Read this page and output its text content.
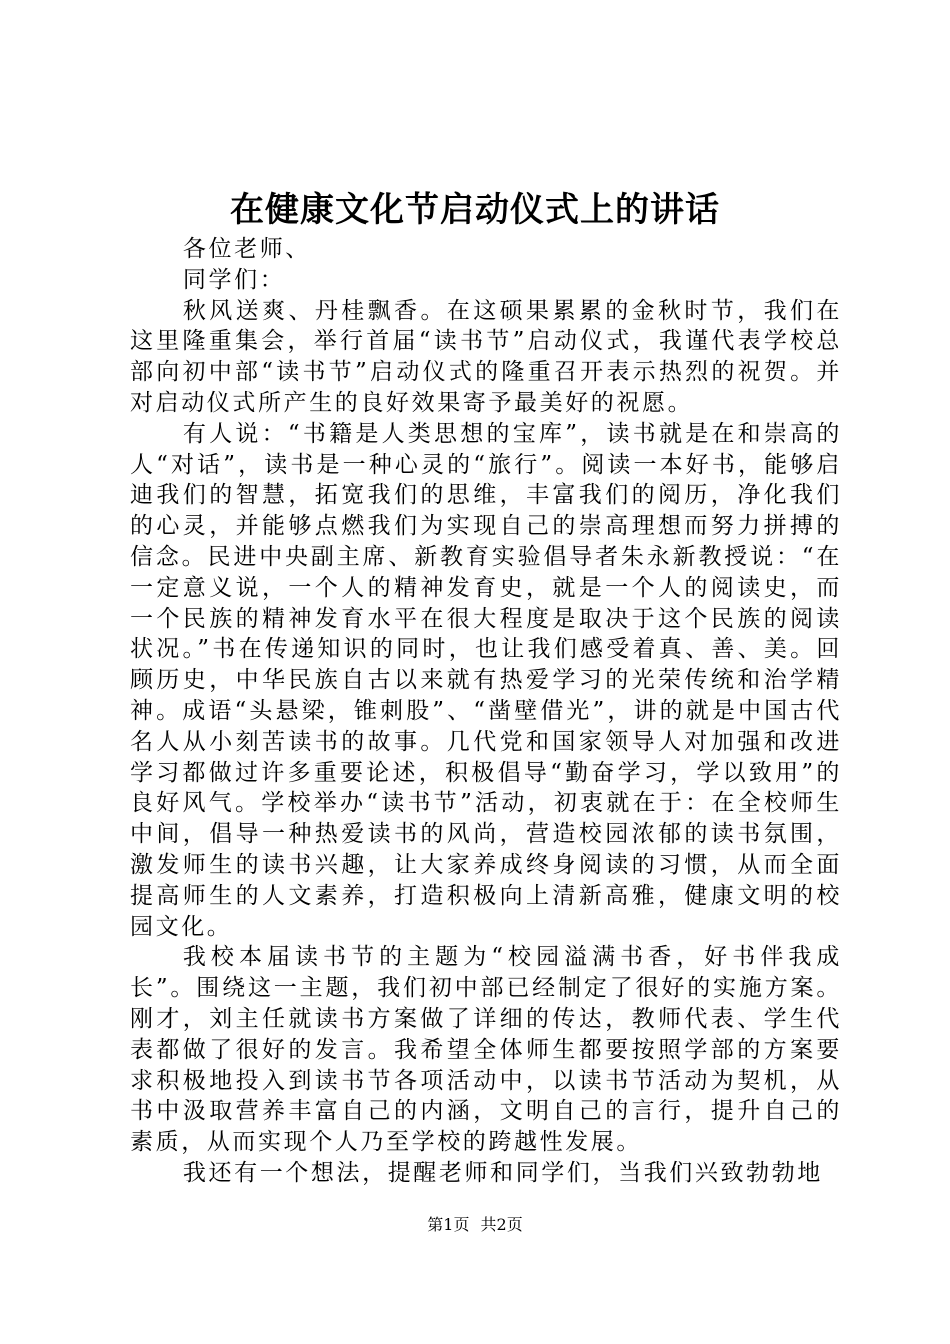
在健康文化节启动仪式上的讲话

各位老师、

同学们：

秋风送爽、丹桂飘香。在这硕果累累的金秋时节，我们在这里隆重集会，举行首届“读书节”启动仪式，我谨代表学校总部向初中部“读书节”启动仪式的隆重召开表示热烈的祝贺。并对启动仪式所产生的良好效果寄予最美好的祝愿。

有人说：“书籍是人类思想的宝库”，读书就是在和崇高的人“对话”，读书是一种心灵的“旅行”。阅读一本好书，能够启迪我们的智慧，拓宽我们的思维，丰富我们的阅历，净化我们的心灵，并能够点燃我们为实现自己的崇高理想而努力拼搏的信念。民进中央副主席、新教育实验倡导者朱永新教授说：“在一定意义说，一个人的精神发育史，就是一个人的阅读史，而一个民族的精神发育水平在很大程度是取决于这个民族的阅读状况。”书在传递知识的同时，也让我们感受着真、善、美。回顾历史，中华民族自古以来就有热爱学习的光荣传统和治学精神。成语“头悬梁，锥刺股”、“凿壁借光”，讲的就是中国古代名人从小刻苦读书的故事。几代党和国家领导人对加强和改进学习都做过许多重要论述，积极倡导“勤奋学习，学以致用”的良好风气。学校举办“读书节”活动，初衷就在于：在全校师生中间，倡导一种热爱读书的风尚，营造校园浓郁的读书氛围，激发师生的读书兴趣，让大家养成终身阅读的习惯，从而全面提高师生的人文素养，打造积极向上清新高雅，健康文明的校园文化。

我校本届读书节的主题为“校园溢满书香，好书伴我成长”。围绕这一主题，我们初中部已经制定了很好的实施方案。刚才，刘主任就读书方案做了详细的传达，教师代表、学生代表都做了很好的发言。我希望全体师生都要按照学部的方案要求积极地投入到读书节各项活动中，以读书节活动为契机，从书中汲取营养丰富自己的内涵，文明自己的言行，提升自己的素质，从而实现个人乃至学校的跨越性发展。

我还有一个想法，提醒老师和同学们，当我们兴致勃勃地

第1页 共2页
